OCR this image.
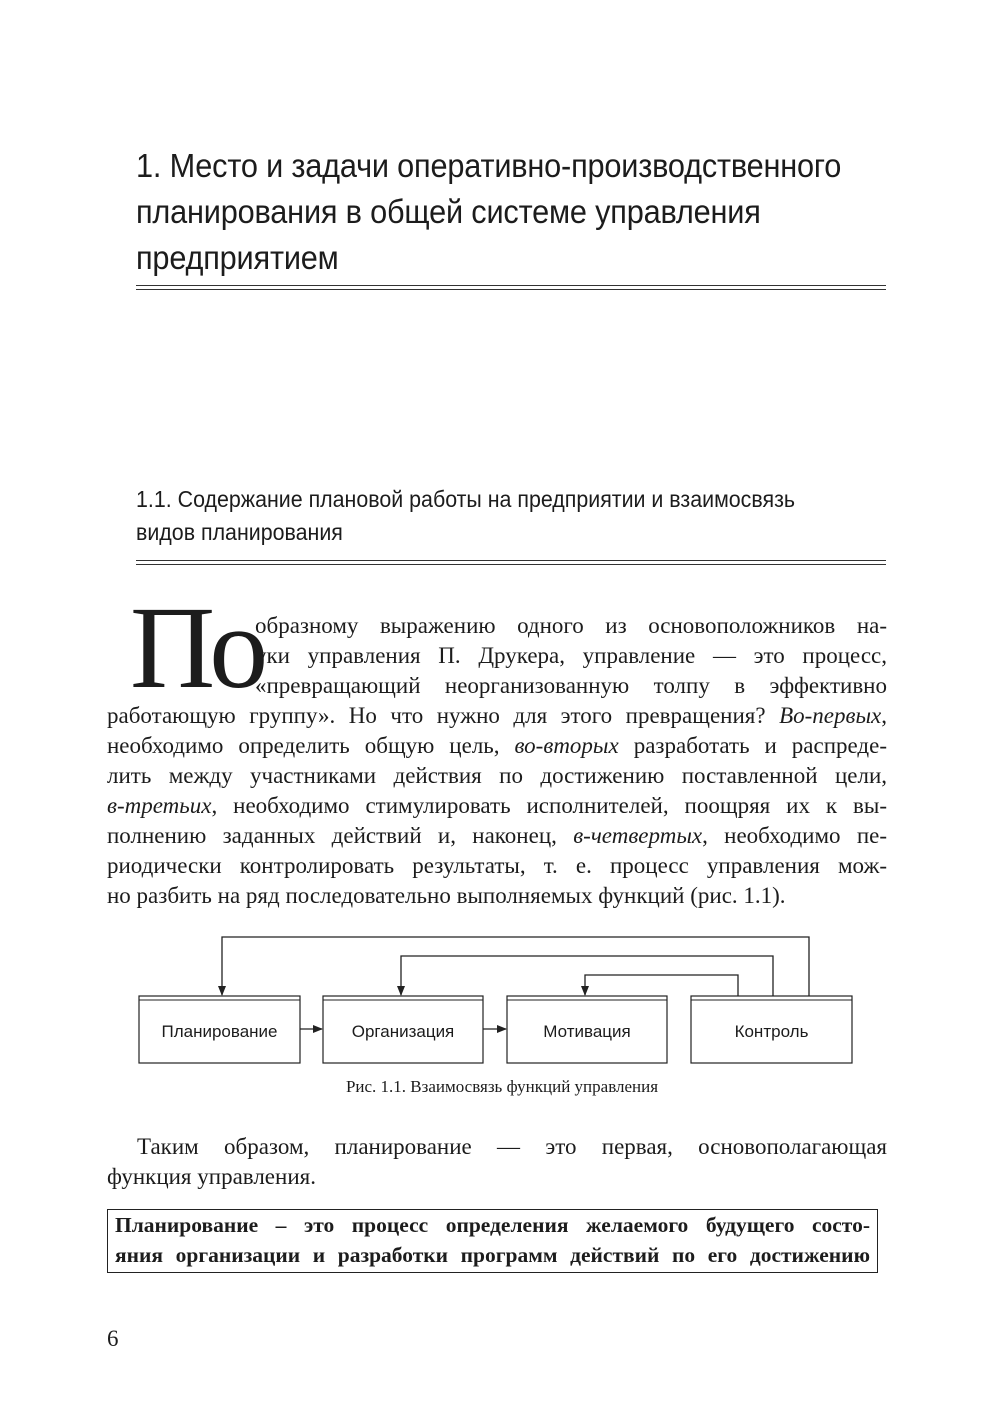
1. Место и задачи оперативно-производственного
планирования в общей системе управления
предприятием
1.1. Содержание плановой работы на предприятии и взаимосвязь
видов планирования
По
образному выражению одного из основоположников на-
уки управления П. Друкера, управление — это процесс,
«превращающий неорганизованную толпу в эффективно
работающую группу». Но что нужно для этого превращения? Во-первых,
необходимо определить общую цель, во-вторых разработать и распреде-
лить между участниками действия по достижению поставленной цели,
в-третьих, необходимо стимулировать исполнителей, поощряя их к вы-
полнению заданных действий и, наконец, в-четвертых, необходимо пе-
риодически контролировать результаты, т. е. процесс управления мож-
но разбить на ряд последовательно выполняемых функций (рис. 1.1).
Планирование	Организация	Мотивация	Контроль
Рис. 1.1. Взаимосвязь функций управления
Таким образом, планирование — это первая, основополагающая
функция управления.
Планирование – это процесс определения желаемого будущего состо-
яния организации и разработки программ действий по его достижению
6
